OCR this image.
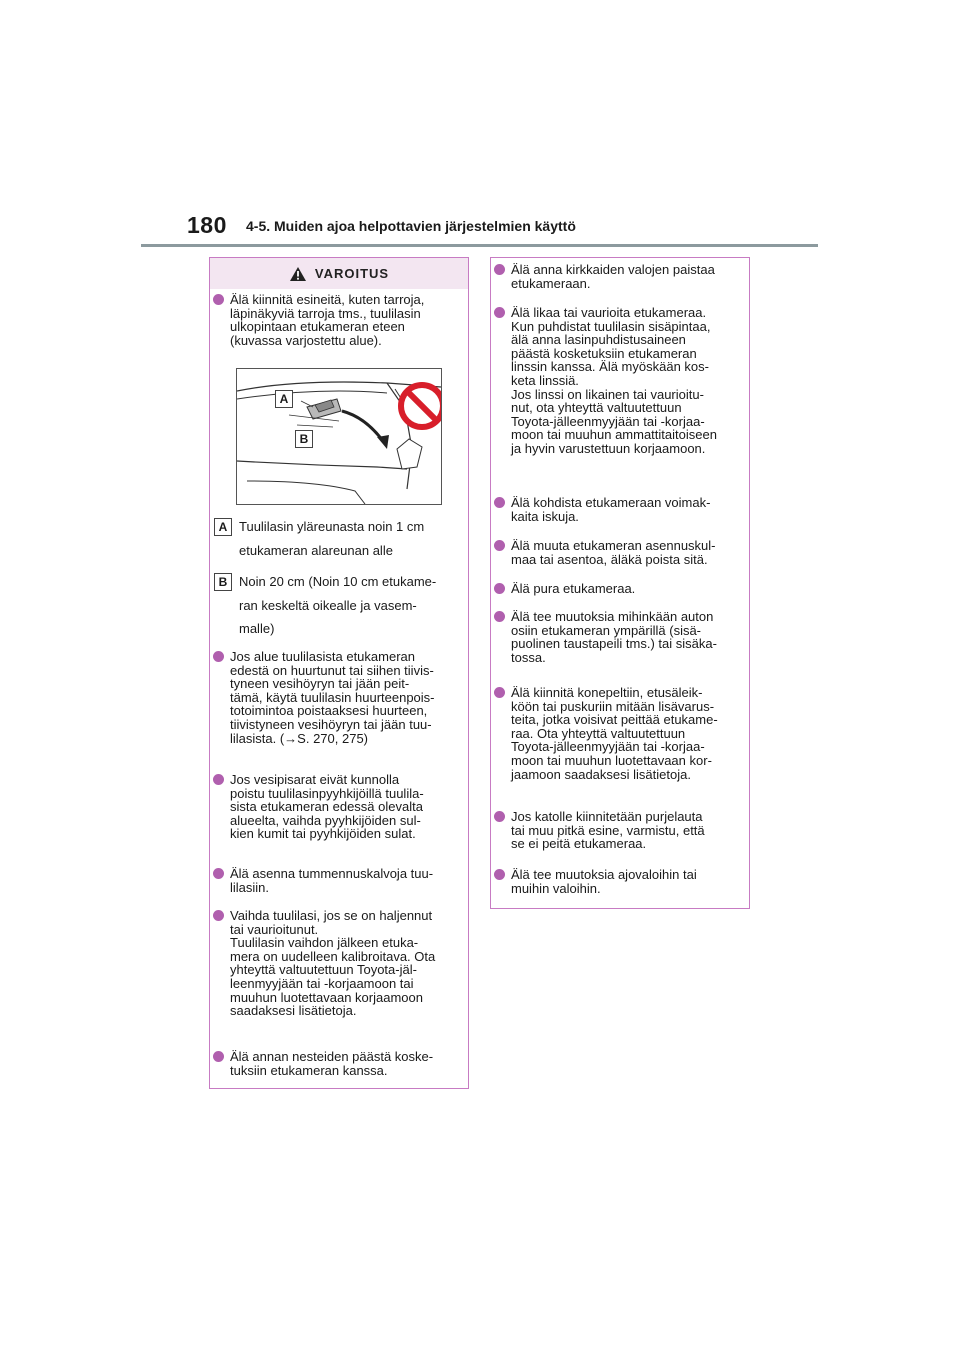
180 4-5. Muiden ajoa helpottavien järjestelmien käyttö
VAROITUS
Älä kiinnitä esineitä, kuten tarroja,
läpinäkyviä tarroja tms., tuulilasin
ulkopintaan etukameran eteen
(kuvassa varjostettu alue).
A
B
A Tuulilasin yläreunasta noin 1 cm
etukameran alareunan alle
B Noin 20 cm (Noin 10 cm etukame-
ran keskeltä oikealle ja vasem-
malle)
Jos alue tuulilasista etukameran
edestä on huurtunut tai siihen tiivis-
tyneen vesihöyryn tai jään peit-
tämä, käytä tuulilasin huurteenpois-
totoimintoa poistaaksesi huurteen,
tiivistyneen vesihöyryn tai jään tuu-
lilasista. (→S. 270, 275)
Jos vesipisarat eivät kunnolla
poistu tuulilasinpyyhkijöillä tuulila-
sista etukameran edessä olevalta
alueelta, vaihda pyyhkijöiden sul-
kien kumit tai pyyhkijöiden sulat.
Älä asenna tummennuskalvoja tuu-
lilasiin.
Vaihda tuulilasi, jos se on haljennut
tai vaurioitunut.
Tuulilasin vaihdon jälkeen etuka-
mera on uudelleen kalibroitava. Ota
yhteyttä valtuutettuun Toyota-jäl-
leenmyyjään tai -korjaamoon tai
muuhun luotettavaan korjaamoon
saadaksesi lisätietoja.
Älä annan nesteiden päästä koske-
tuksiin etukameran kanssa.
Älä anna kirkkaiden valojen paistaa
etukameraan.
Älä likaa tai vaurioita etukameraa.
Kun puhdistat tuulilasin sisäpintaa,
älä anna lasinpuhdistusaineen
päästä kosketuksiin etukameran
linssin kanssa. Älä myöskään kos-
keta linssiä.
Jos linssi on likainen tai vaurioitu-
nut, ota yhteyttä valtuutettuun
Toyota-jälleenmyyjään tai -korjaa-
moon tai muuhun ammattitaitoiseen
ja hyvin varustettuun korjaamoon.
Älä kohdista etukameraan voimak-
kaita iskuja.
Älä muuta etukameran asennuskul-
maa tai asentoa, äläkä poista sitä.
Älä pura etukameraa.
Älä tee muutoksia mihinkään auton
osiin etukameran ympärillä (sisä-
puolinen taustapeili tms.) tai sisäka-
tossa.
Älä kiinnitä konepeltiin, etusäleik-
köön tai puskuriin mitään lisävarus-
teita, jotka voisivat peittää etukame-
raa. Ota yhteyttä valtuutettuun
Toyota-jälleenmyyjään tai -korjaa-
moon tai muuhun luotettavaan kor-
jaamoon saadaksesi lisätietoja.
Jos katolle kiinnitetään purjelauta
tai muu pitkä esine, varmistu, että
se ei peitä etukameraa.
Älä tee muutoksia ajovaloihin tai
muihin valoihin.
